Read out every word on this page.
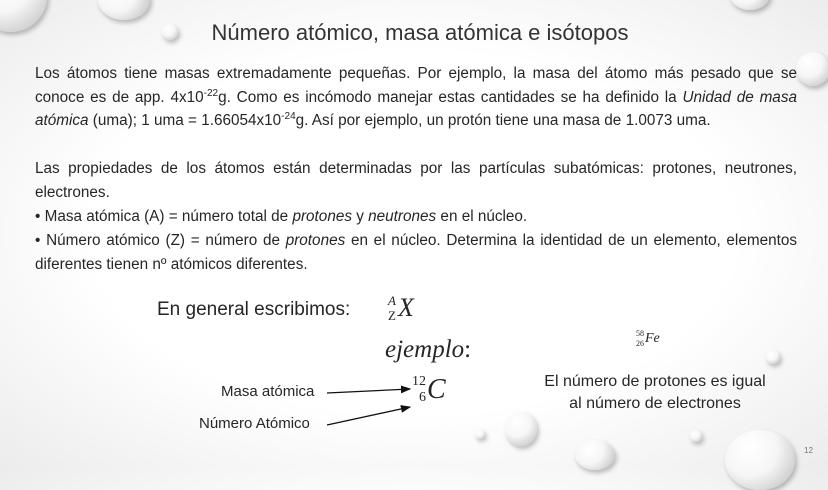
Número atómico, masa atómica e isótopos
Los átomos tiene masas extremadamente pequeñas. Por ejemplo, la masa del átomo más pesado que se conoce es de app. $4x10^{-22}g$. Como es incómodo manejar estas cantidades se ha definido la Unidad de masa atómica (uma); 1 uma = $1.66054x10^{-24}g$. Así por ejemplo, un protón tiene una masa de 1.0073 uma.
Las propiedades de los átomos están determinadas por las partículas subatómicas: protones, neutrones, electrones.
• Masa atómica (A) = número total de protones y neutrones en el núcleo.
• Número atómico (Z) = número de protones en el núcleo. Determina la identidad de un elemento, elementos diferentes tienen nº atómicos diferentes.
En general escribimos:	A
Z X
ejemplo:
58
26 Fe
12
6 C
Masa atómica
Número Atómico
El número de protones es igual
al número de electrones
12
